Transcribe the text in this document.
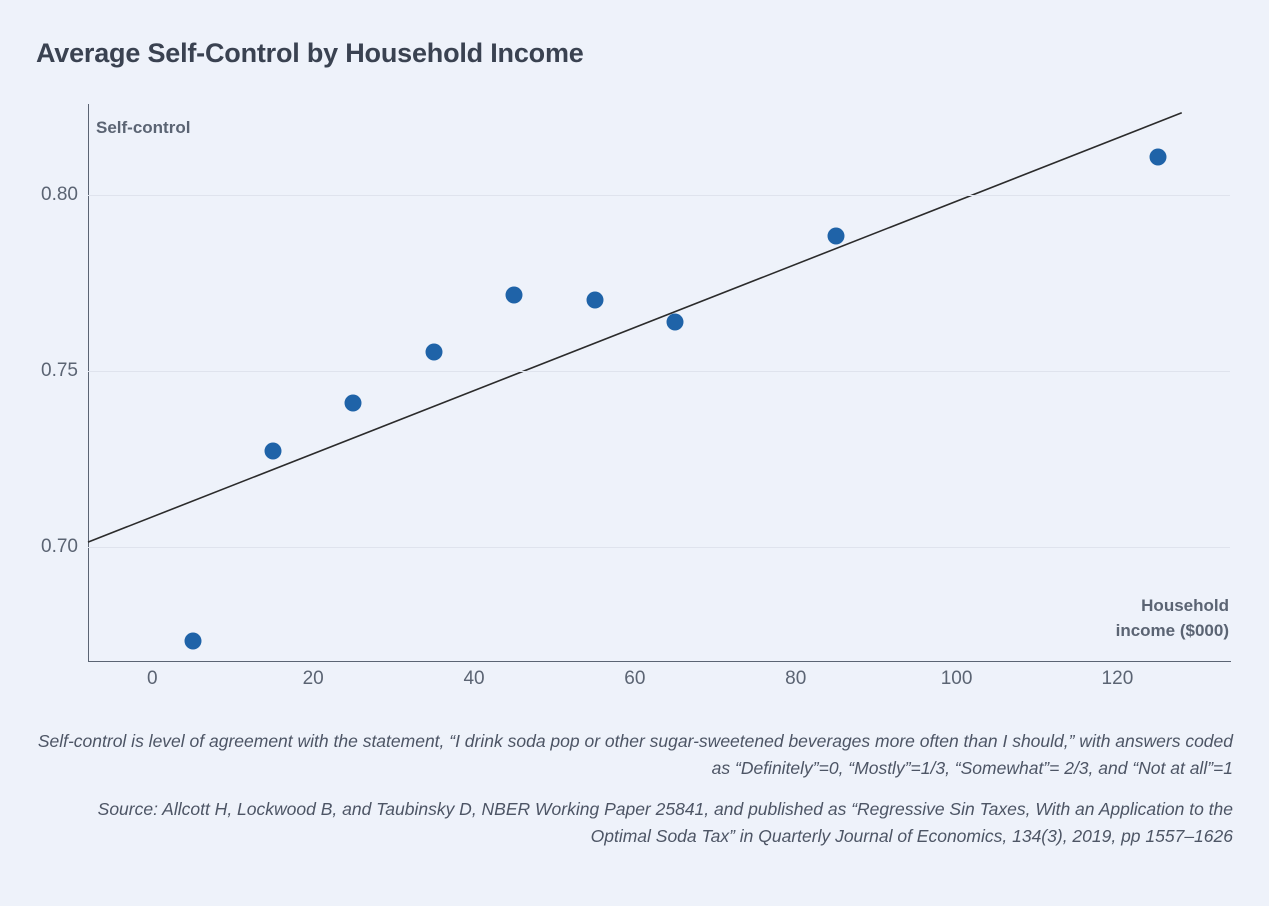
Average Self-Control by Household Income
Self-control
0.70
0.75
0.80
0	20	40	60	80	100	120
Household
income ($000)
Self-control is level of agreement with the statement, “I drink soda pop or other sugar-sweetened beverages more often than I should,” with answers coded as “Definitely”=0, “Mostly”=1/3, “Somewhat”= 2/3, and “Not at all”=1
Source: Allcott H, Lockwood B, and Taubinsky D, NBER Working Paper 25841, and published as “Regressive Sin Taxes, With an Application to the Optimal Soda Tax” in Quarterly Journal of Economics, 134(3), 2019, pp 1557–1626
